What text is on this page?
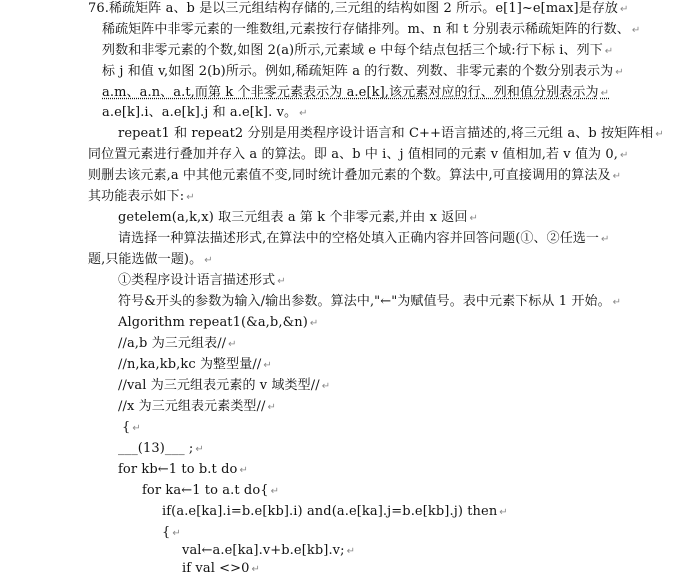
76.稀疏矩阵 a、b 是以三元组结构存储的,三元组的结构如图 2 所示。e[1]~e[max]是存放 ↵
稀疏矩阵中非零元素的一维数组,元素按行存储排列。m、n 和 t 分别表示稀疏矩阵的行数、 ↵
列数和非零元素的个数,如图 2(a)所示,元素域 e 中每个结点包括三个域:行下标 i、列下 ↵
标 j 和值 v,如图 2(b)所示。例如,稀疏矩阵 a 的行数、列数、非零元素的个数分别表示为 ↵
a.m、a.n、a.t,而第 k 个非零元素表示为 a.e[k],该元素对应的行、列和值分别表示为 ↵
a.e[k].i、a.e[k].j 和 a.e[k]. v。 ↵
repeat1 和 repeat2 分别是用类程序设计语言和 C++语言描述的,将三元组 a、b 按矩阵相 ↵
同位置元素进行叠加并存入 a 的算法。即 a、b 中 i、j 值相同的元素 v 值相加,若 v 值为 0, ↵
则删去该元素,a 中其他元素值不变,同时统计叠加元素的个数。算法中,可直接调用的算法及 ↵
其功能表示如下: ↵
getelem(a,k,x) 取三元组表 a 第 k 个非零元素,并由 x 返回 ↵
请选择一种算法描述形式,在算法中的空格处填入正确内容并回答问题(①、②任选一 ↵
题,只能选做一题)。 ↵
①类程序设计语言描述形式 ↵
符号&开头的参数为输入/输出参数。算法中,"←"为赋值号。表中元素下标从 1 开始。 ↵
Algorithm repeat1(&a,b,&n) ↵
//a,b 为三元组表// ↵
//n,ka,kb,kc 为整型量// ↵
//val 为三元组表元素的 v 域类型// ↵
//x 为三元组表元素类型// ↵
{ ↵
___(13)___ ; ↵
for kb←1 to b.t do ↵
for ka←1 to a.t do{ ↵
if(a.e[ka].i=b.e[kb].i) and(a.e[ka].j=b.e[kb].j) then ↵
{ ↵
val←a.e[ka].v+b.e[kb].v; ↵
if val <>0 ↵
